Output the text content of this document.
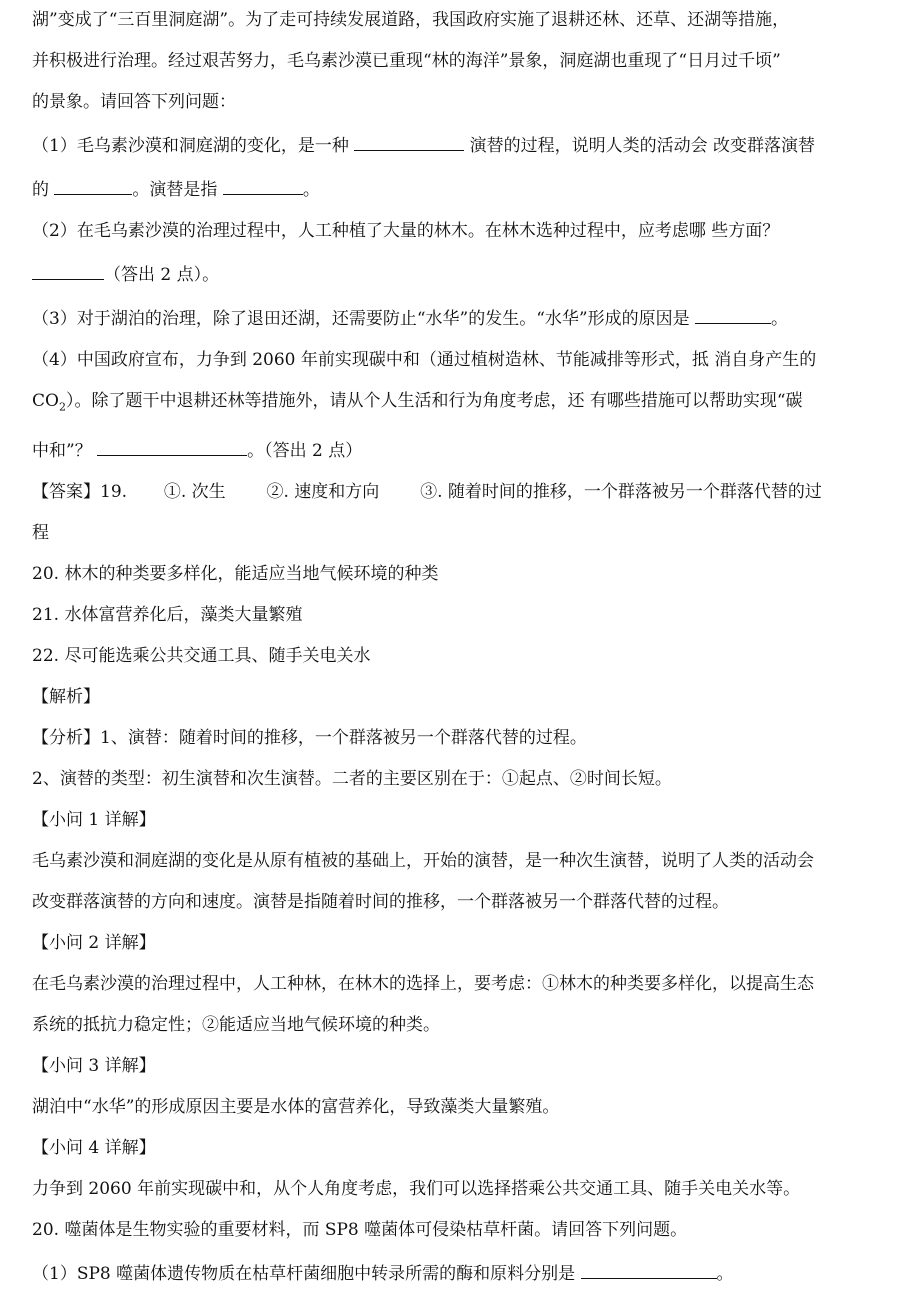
湖”变成了“三百里洞庭湖”。为了走可持续发展道路，我国政府实施了退耕还林、还草、还湖等措施，
并积极进行治理。经过艰苦努力，毛乌素沙漠已重现“林的海洋”景象，洞庭湖也重现了“日月过千顷”
的景象。请回答下列问题：
（1）毛乌素沙漠和洞庭湖的变化，是一种	演替的过程，说明人类的活动会 改变群落演替
的	。演替是指	。
（2）在毛乌素沙漠的治理过程中，人工种植了大量的林木。在林木选种过程中，应考虑哪 些方面？
（答出 2 点）。
（3）对于湖泊的治理，除了退田还湖，还需要防止“水华”的发生。“水华”形成的原因是	。
（4）中国政府宣布，力争到 2060 年前实现碳中和（通过植树造林、节能减排等形式，抵 消自身产生的
$CO_2$）。除了题干中退耕还林等措施外，请从个人生活和行为角度考虑，还 有哪些措施可以帮助实现“碳
中和”？	。（答出 2 点）
【答案】19. ①. 次生 ②. 速度和方向 ③. 随着时间的推移，一个群落被另一个群落代替的过
程
20. 林木的种类要多样化，能适应当地气候环境的种类
21. 水体富营养化后，藻类大量繁殖
22. 尽可能选乘公共交通工具、随手关电关水
【解析】
【分析】1、演替：随着时间的推移，一个群落被另一个群落代替的过程。
2、演替的类型：初生演替和次生演替。二者的主要区别在于：①起点、②时间长短。
【小问 1 详解】
毛乌素沙漠和洞庭湖的变化是从原有植被的基础上，开始的演替，是一种次生演替，说明了人类的活动会
改变群落演替的方向和速度。演替是指随着时间的推移，一个群落被另一个群落代替的过程。
【小问 2 详解】
在毛乌素沙漠的治理过程中，人工种林，在林木的选择上，要考虑：①林木的种类要多样化，以提高生态
系统的抵抗力稳定性；②能适应当地气候环境的种类。
【小问 3 详解】
湖泊中“水华”的形成原因主要是水体的富营养化，导致藻类大量繁殖。
【小问 4 详解】
力争到 2060 年前实现碳中和，从个人角度考虑，我们可以选择搭乘公共交通工具、随手关电关水等。
20. 噬菌体是生物实验的重要材料，而 SP8 噬菌体可侵染枯草杆菌。请回答下列问题。
（1）SP8 噬菌体遗传物质在枯草杆菌细胞中转录所需的酶和原料分别是	。
